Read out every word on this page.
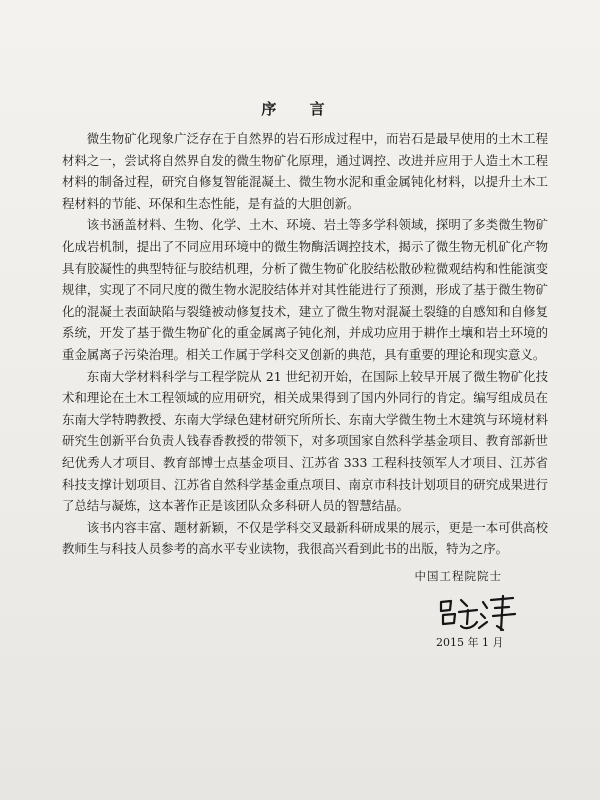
序 言

微生物矿化现象广泛存在于自然界的岩石形成过程中，而岩石是最早使用的土木工程材料之一，尝试将自然界自发的微生物矿化原理，通过调控、改进并应用于人造土木工程材料的制备过程，研究自修复智能混凝土、微生物水泥和重金属钝化材料，以提升土木工程材料的节能、环保和生态性能，是有益的大胆创新。

该书涵盖材料、生物、化学、土木、环境、岩土等多学科领域，探明了多类微生物矿化成岩机制，提出了不同应用环境中的微生物酶活调控技术，揭示了微生物无机矿化产物具有胶凝性的典型特征与胶结机理，分析了微生物矿化胶结松散砂粒微观结构和性能演变规律，实现了不同尺度的微生物水泥胶结体并对其性能进行了预测，形成了基于微生物矿化的混凝土表面缺陷与裂缝被动修复技术，建立了微生物对混凝土裂缝的自感知和自修复系统，开发了基于微生物矿化的重金属离子钝化剂，并成功应用于耕作土壤和岩土环境的重金属离子污染治理。相关工作属于学科交叉创新的典范，具有重要的理论和现实意义。

东南大学材料科学与工程学院从 21 世纪初开始，在国际上较早开展了微生物矿化技术和理论在土木工程领域的应用研究，相关成果得到了国内外同行的肯定。编写组成员在东南大学特聘教授、东南大学绿色建材研究所所长、东南大学微生物土木建筑与环境材料研究生创新平台负责人钱春香教授的带领下，对多项国家自然科学基金项目、教育部新世纪优秀人才项目、教育部博士点基金项目、江苏省 333 工程科技领军人才项目、江苏省科技支撑计划项目、江苏省自然科学基金重点项目、南京市科技计划项目的研究成果进行了总结与凝炼，这本著作正是该团队众多科研人员的智慧结晶。

该书内容丰富、题材新颖，不仅是学科交叉最新科研成果的展示，更是一本可供高校教师生与科技人员参考的高水平专业读物，我很高兴看到此书的出版，特为之序。

中国工程院院士
2015 年 1 月
